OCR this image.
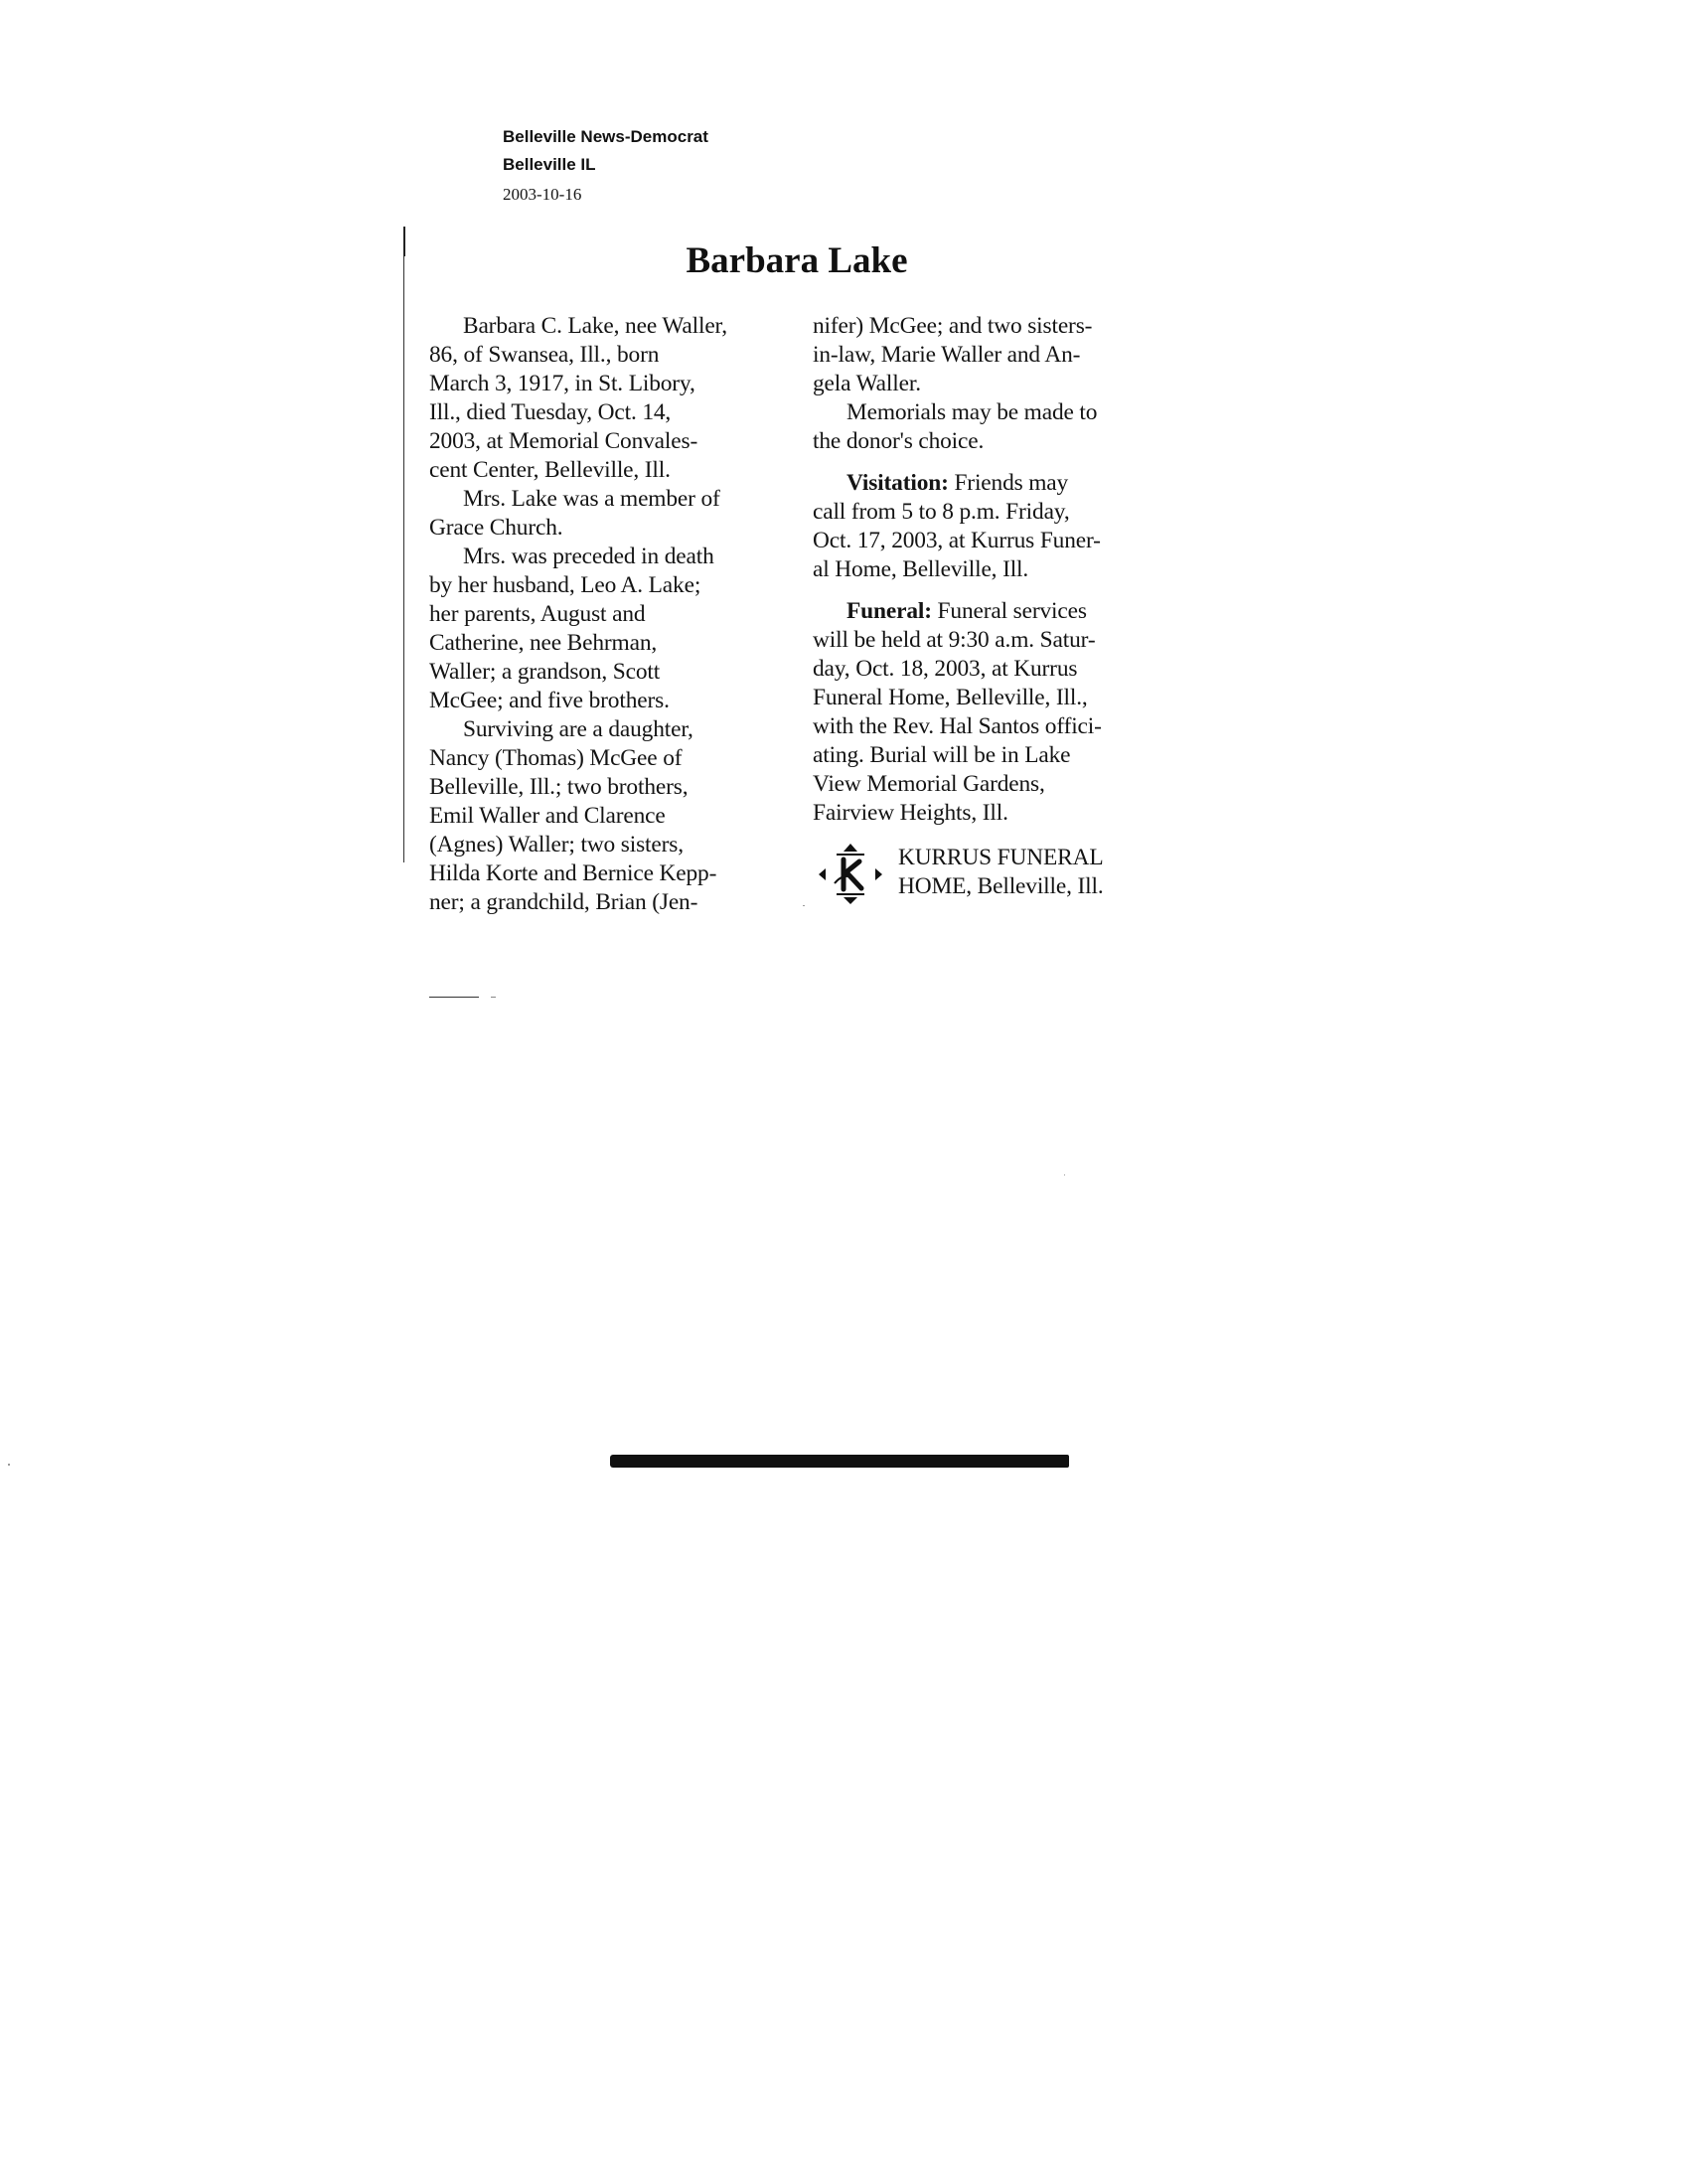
Belleville News-Democrat
Belleville IL
2003-10-16
Barbara Lake
Barbara C. Lake, nee Waller,
86, of Swansea, Ill., born
March 3, 1917, in St. Libory,
Ill., died Tuesday, Oct. 14,
2003, at Memorial Convales-
cent Center, Belleville, Ill.
Mrs. Lake was a member of
Grace Church.
Mrs. was preceded in death
by her husband, Leo A. Lake;
her parents, August and
Catherine, nee Behrman,
Waller; a grandson, Scott
McGee; and five brothers.
Surviving are a daughter,
Nancy (Thomas) McGee of
Belleville, Ill.; two brothers,
Emil Waller and Clarence
(Agnes) Waller; two sisters,
Hilda Korte and Bernice Kepp-
ner; a grandchild, Brian (Jen-
nifer) McGee; and two sisters-
in-law, Marie Waller and An-
gela Waller.
Memorials may be made to
the donor's choice.
Visitation: Friends may
call from 5 to 8 p.m. Friday,
Oct. 17, 2003, at Kurrus Funer-
al Home, Belleville, Ill.
Funeral: Funeral services
will be held at 9:30 a.m. Satur-
day, Oct. 18, 2003, at Kurrus
Funeral Home, Belleville, Ill.,
with the Rev. Hal Santos offici-
ating. Burial will be in Lake
View Memorial Gardens,
Fairview Heights, Ill.
KURRUS FUNERAL
HOME, Belleville, Ill.
